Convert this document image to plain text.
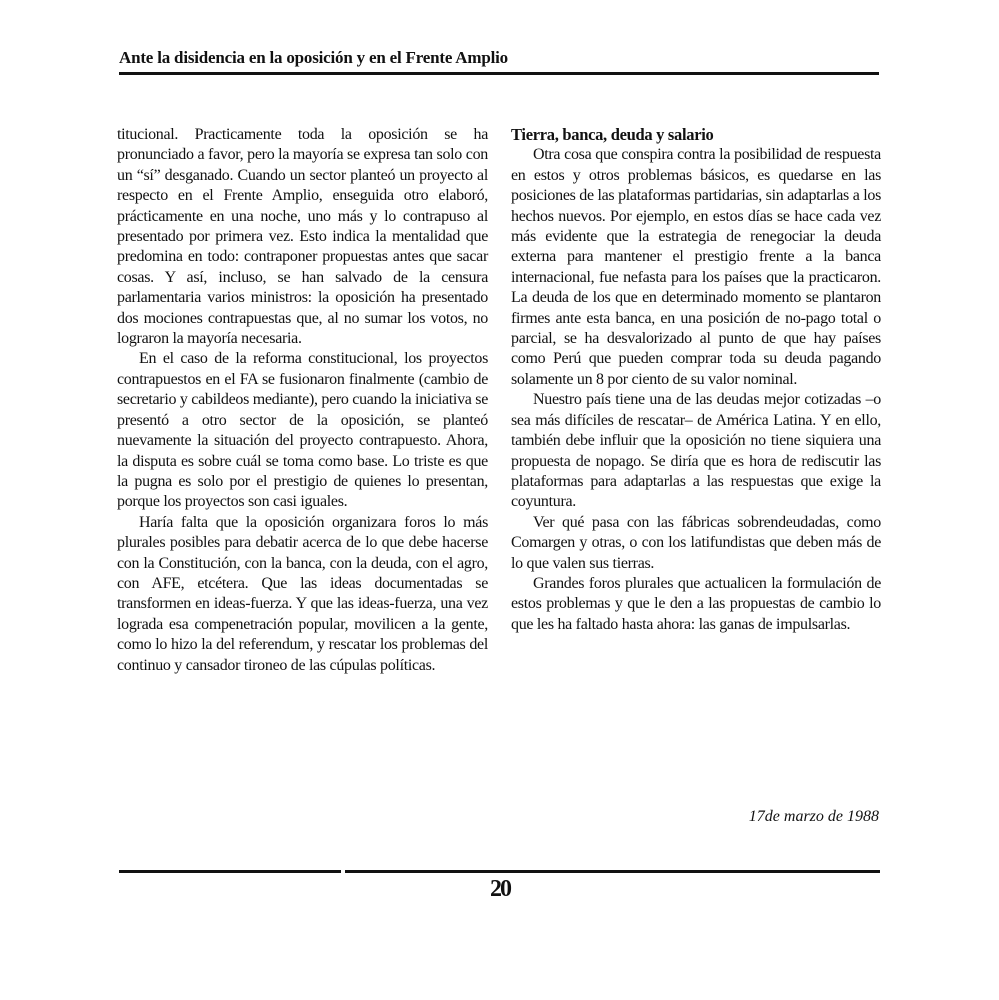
Ante la disidencia en la oposición y en el Frente Amplio

titucional. Practicamente toda la oposición se ha pronunciado a favor, pero la mayoría se expresa tan solo con un “sí” desganado. Cuando un sector planteó un proyecto al respecto en el Frente Amplio, enseguida otro elaboró, prácticamente en una noche, uno más y lo contrapuso al presentado por primera vez. Esto indica la mentalidad que predomina en todo: contraponer propuestas antes que sacar cosas. Y así, incluso, se han salvado de la censura parlamentaria varios ministros: la oposición ha presentado dos mociones contrapuestas que, al no sumar los votos, no lograron la mayoría necesaria.

En el caso de la reforma constitucional, los proyectos contrapuestos en el FA se fusionaron finalmente (cambio de secretario y cabildeos mediante), pero cuando la iniciativa se presentó a otro sector de la oposición, se planteó nuevamente la situación del proyecto contrapuesto. Ahora, la disputa es sobre cuál se toma como base. Lo triste es que la pugna es solo por el prestigio de quienes lo presentan, porque los proyectos son casi iguales.

Haría falta que la oposición organizara foros lo más plurales posibles para debatir acerca de lo que debe hacerse con la Constitución, con la banca, con la deuda, con el agro, con AFE, etcétera. Que las ideas documentadas se transformen en ideas-fuerza. Y que las ideas-fuerza, una vez lograda esa compenetración popular, movilicen a la gente, como lo hizo la del referendum, y rescatar los problemas del continuo y cansador tironeo de las cúpulas políticas.

Tierra, banca, deuda y salario

Otra cosa que conspira contra la posibilidad de respuesta en estos y otros problemas básicos, es quedarse en las posiciones de las plataformas partidarias, sin adaptarlas a los hechos nuevos. Por ejemplo, en estos días se hace cada vez más evidente que la estrategia de renegociar la deuda externa para mantener el prestigio frente a la banca internacional, fue nefasta para los países que la practicaron. La deuda de los que en determinado momento se plantaron firmes ante esta banca, en una posición de no-pago total o parcial, se ha desvalorizado al punto de que hay países como Perú que pueden comprar toda su deuda pagando solamente un 8 por ciento de su valor nominal.

Nuestro país tiene una de las deudas mejor cotizadas –o sea más difíciles de rescatar– de América Latina. Y en ello, también debe influir que la oposición no tiene siquiera una propuesta de nopago. Se diría que es hora de rediscutir las plataformas para adaptarlas a las respuestas que exige la coyuntura.

Ver qué pasa con las fábricas sobrendeudadas, como Comargen y otras, o con los latifundistas que deben más de lo que valen sus tierras.

Grandes foros plurales que actualicen la formulación de estos problemas y que le den a las propuestas de cambio lo que les ha faltado hasta ahora: las ganas de impulsarlas.

17de marzo de 1988
20
